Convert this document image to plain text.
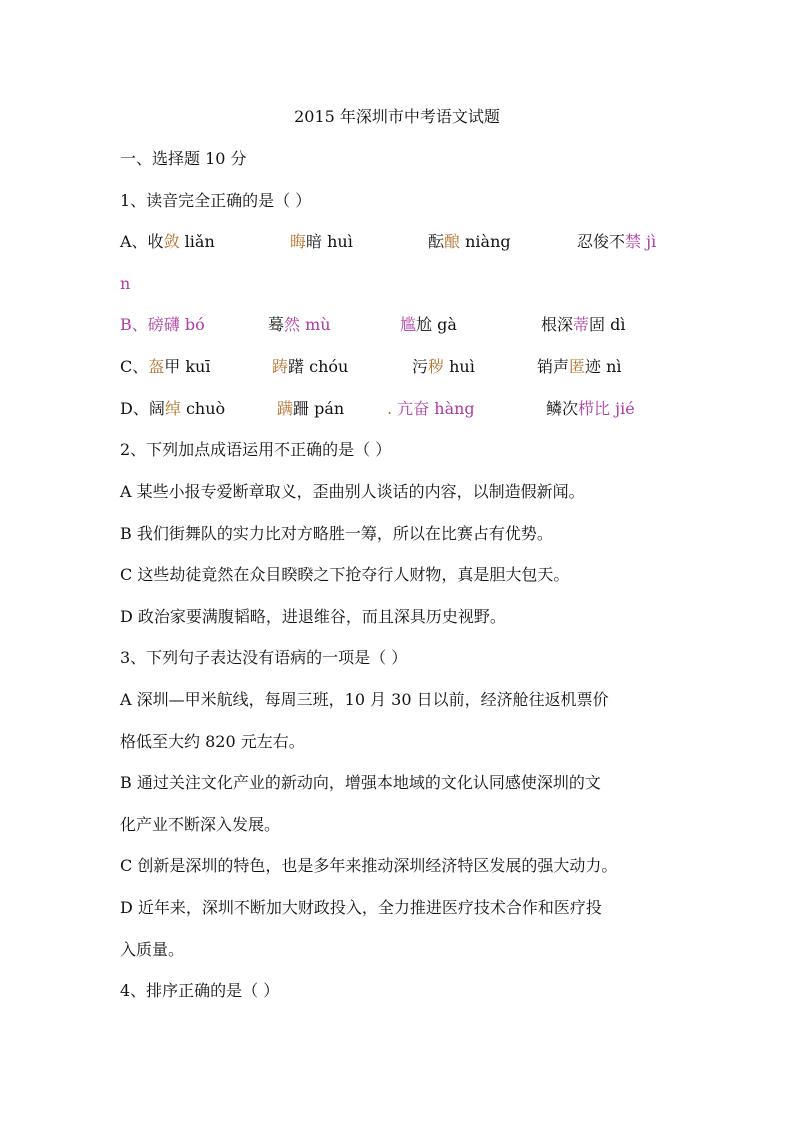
2015 年深圳市中考语文试题
一、选择题 10 分
1、读音完全正确的是（ ）
A、收敛 liǎn	晦暗 huì	酝酿 niàng	忍俊不禁 jì
n
B、磅礴 bó	蓦然 mù	尴尬 gà	根深蒂固 dì
C、盔甲 kuī	踌躇 chóu	污秽 huì	销声匿迹 nì
D、阔绰 chuò	蹒跚 pán	. 亢奋 hàng	鳞次栉比 jié
2、下列加点成语运用不正确的是（ ）
A 某些小报专爱断章取义，歪曲别人谈话的内容，以制造假新闻。
B 我们街舞队的实力比对方略胜一筹，所以在比赛占有优势。
C 这些劫徒竟然在众目睽睽之下抢夺行人财物，真是胆大包天。
D 政治家要满腹韬略，进退维谷，而且深具历史视野。
3、下列句子表达没有语病的一项是（ ）
A 深圳—甲米航线，每周三班，10 月 30 日以前，经济舱往返机票价
格低至大约 820 元左右。
B 通过关注文化产业的新动向，增强本地域的文化认同感使深圳的文
化产业不断深入发展。
C 创新是深圳的特色，也是多年来推动深圳经济特区发展的强大动力。
D 近年来，深圳不断加大财政投入，全力推进医疗技术合作和医疗投
入质量。
4、排序正确的是（ ）
